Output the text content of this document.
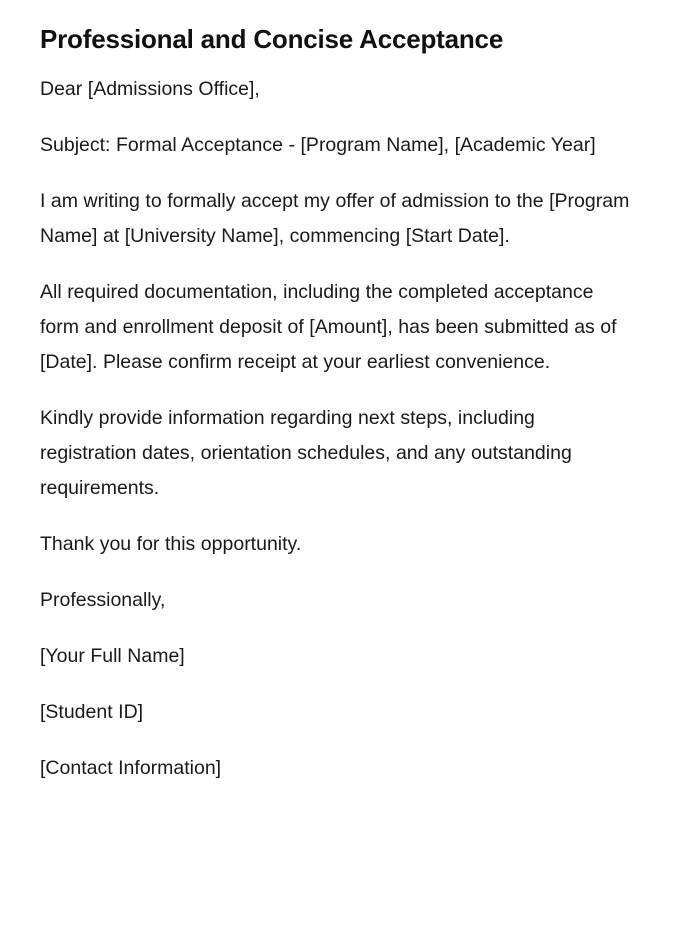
Professional and Concise Acceptance

Dear [Admissions Office],

Subject: Formal Acceptance - [Program Name], [Academic Year]

I am writing to formally accept my offer of admission to the [Program Name] at [University Name], commencing [Start Date].

All required documentation, including the completed acceptance form and enrollment deposit of [Amount], has been submitted as of [Date]. Please confirm receipt at your earliest convenience.

Kindly provide information regarding next steps, including registration dates, orientation schedules, and any outstanding requirements.

Thank you for this opportunity.

Professionally,

[Your Full Name]

[Student ID]

[Contact Information]
